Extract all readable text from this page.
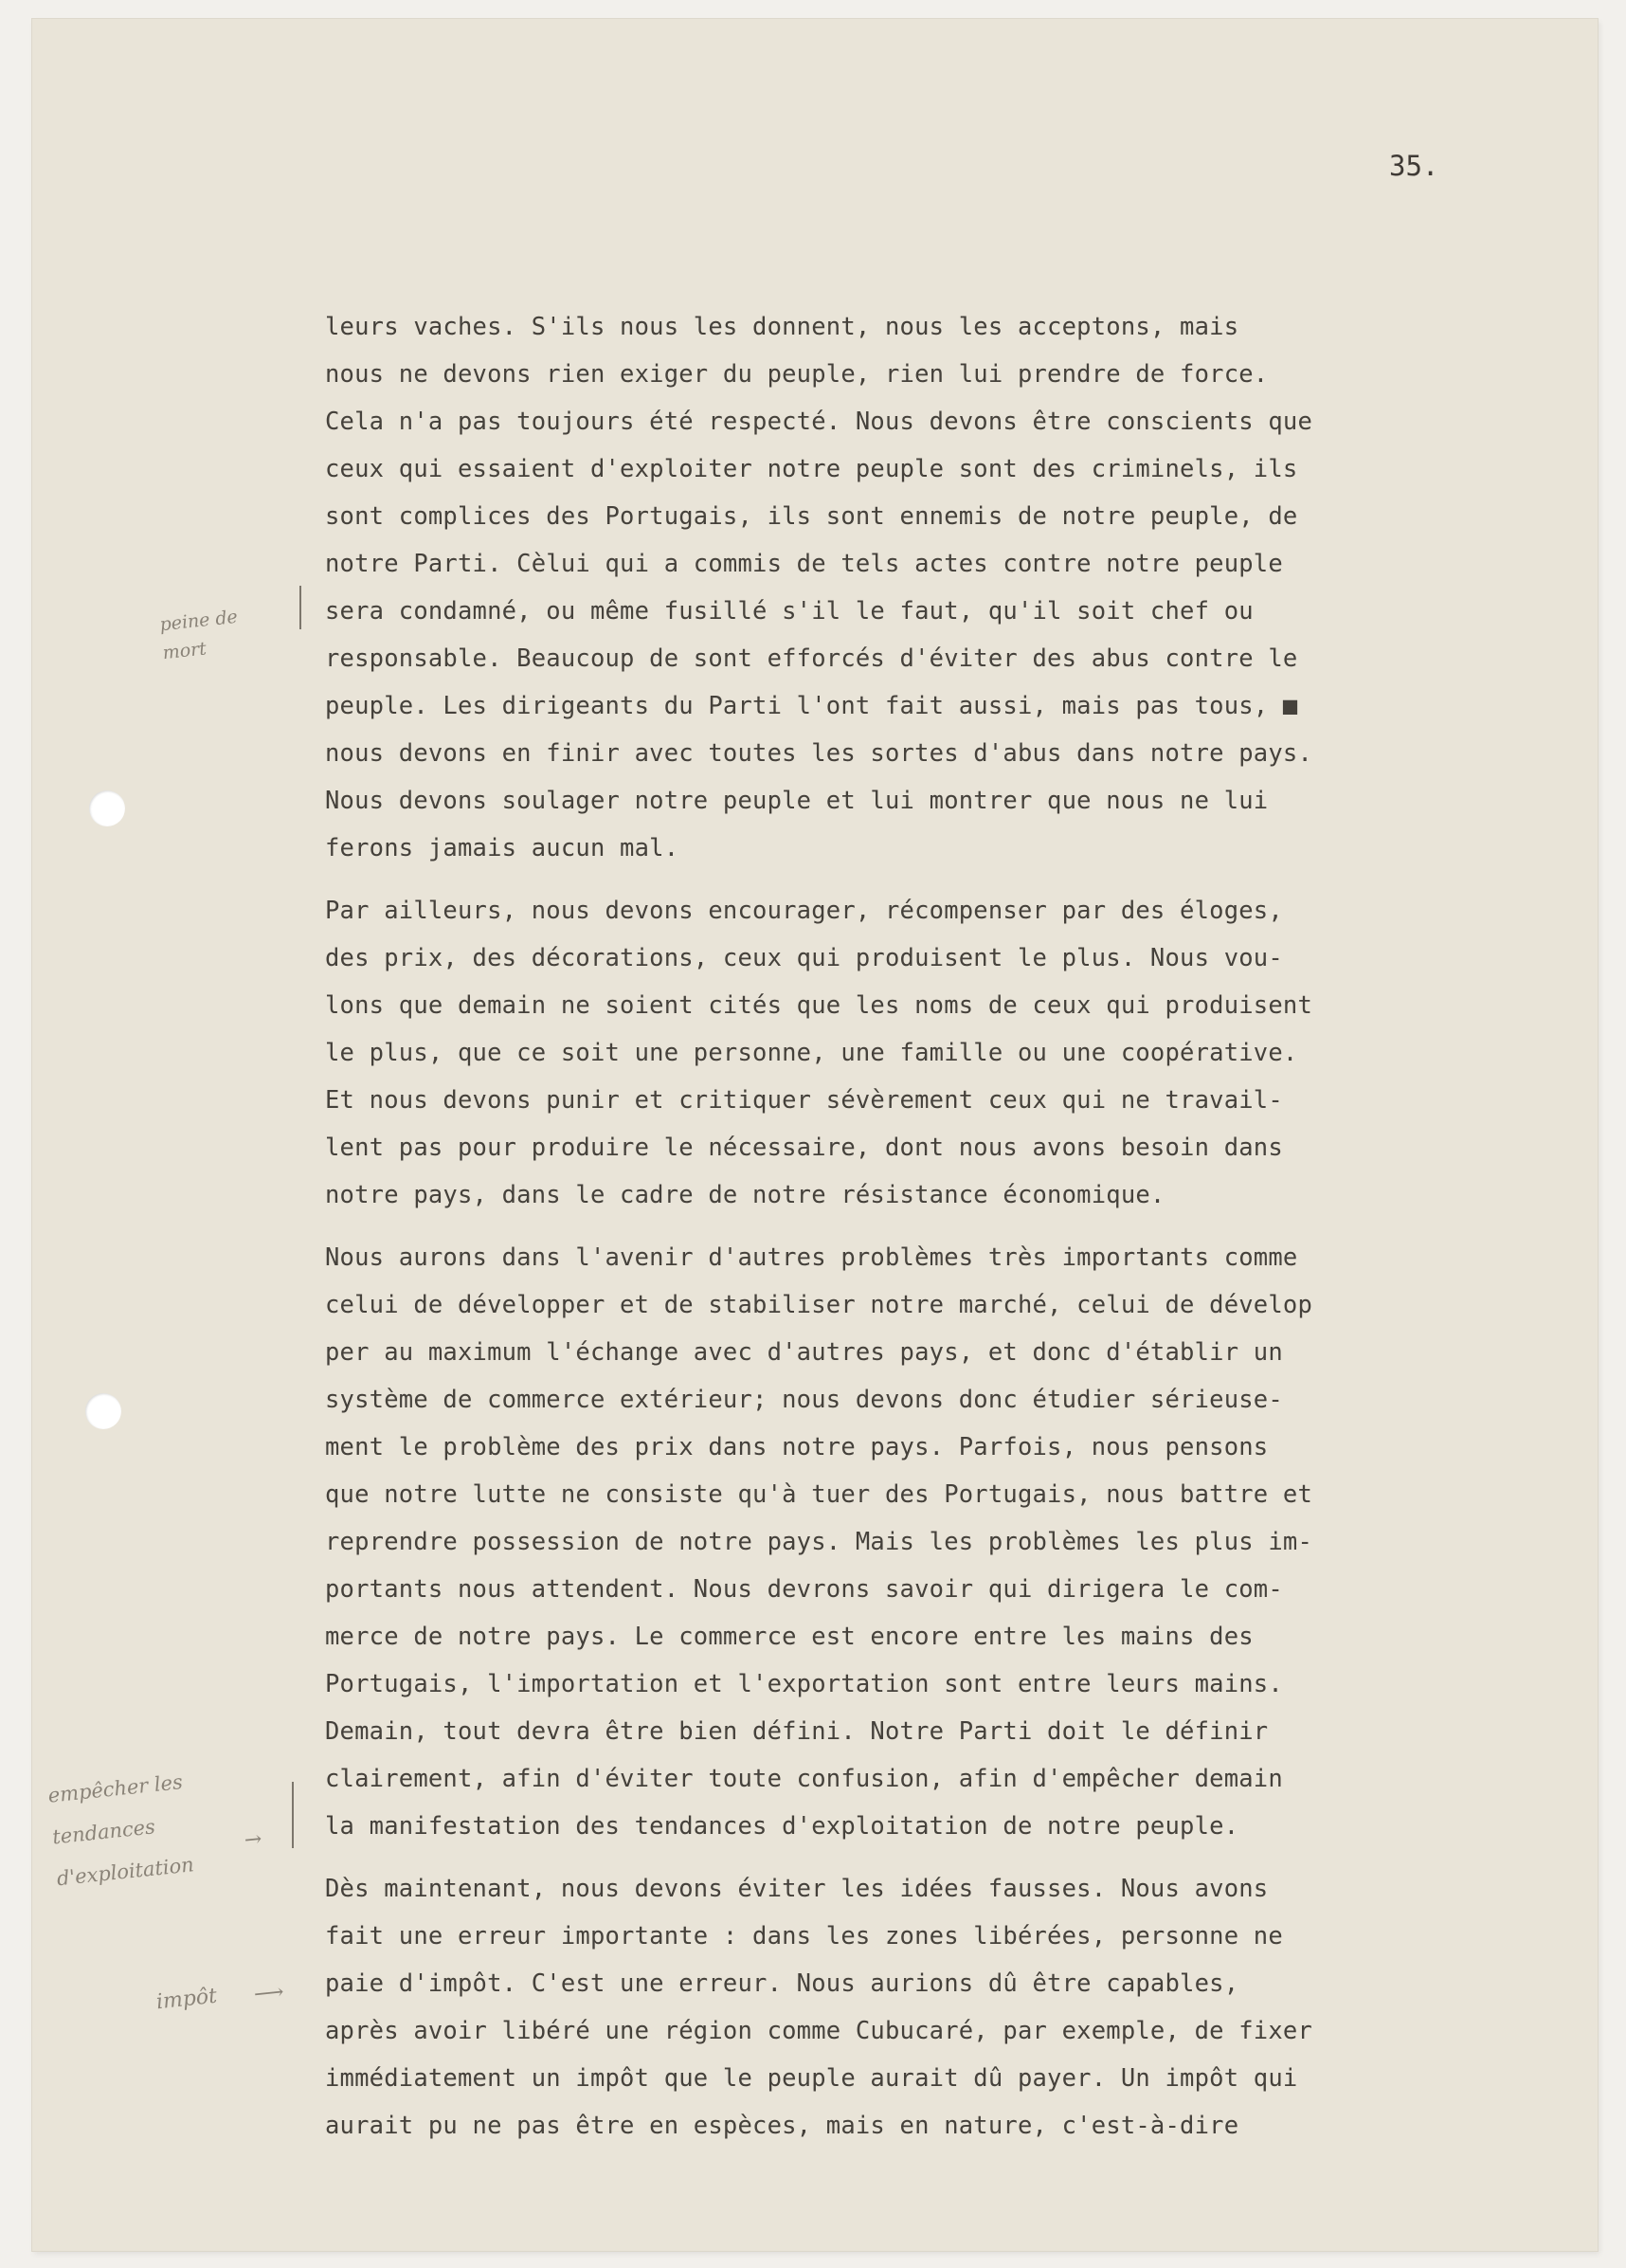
35.
peine de
mort
empêcher les
tendances
d'exploitation
→
impôt ⟶

leurs vaches. S'ils nous les donnent, nous les acceptons, mais
nous ne devons rien exiger du peuple, rien lui prendre de force.
Cela n'a pas toujours été respecté. Nous devons être conscients que
ceux qui essaient d'exploiter notre peuple sont des criminels, ils
sont complices des Portugais, ils sont ennemis de notre peuple, de
notre Parti. Cèlui qui a commis de tels actes contre notre peuple
sera condamné, ou même fusillé s'il le faut, qu'il soit chef ou
responsable. Beaucoup de sont efforcés d'éviter des abus contre le
peuple. Les dirigeants du Parti l'ont fait aussi, mais pas tous, ■
nous devons en finir avec toutes les sortes d'abus dans notre pays.
Nous devons soulager notre peuple et lui montrer que nous ne lui
ferons jamais aucun mal.

Par ailleurs, nous devons encourager, récompenser par des éloges,
des prix, des décorations, ceux qui produisent le plus. Nous vou-
lons que demain ne soient cités que les noms de ceux qui produisent
le plus, que ce soit une personne, une famille ou une coopérative.
Et nous devons punir et critiquer sévèrement ceux qui ne travail-
lent pas pour produire le nécessaire, dont nous avons besoin dans
notre pays, dans le cadre de notre résistance économique.

Nous aurons dans l'avenir d'autres problèmes très importants comme
celui de développer et de stabiliser notre marché, celui de dévelop
per au maximum l'échange avec d'autres pays, et donc d'établir un
système de commerce extérieur; nous devons donc étudier sérieuse-
ment le problème des prix dans notre pays. Parfois, nous pensons
que notre lutte ne consiste qu'à tuer des Portugais, nous battre et
reprendre possession de notre pays. Mais les problèmes les plus im-
portants nous attendent. Nous devrons savoir qui dirigera le com-
merce de notre pays. Le commerce est encore entre les mains des
Portugais, l'importation et l'exportation sont entre leurs mains.
Demain, tout devra être bien défini. Notre Parti doit le définir
clairement, afin d'éviter toute confusion, afin d'empêcher demain
la manifestation des tendances d'exploitation de notre peuple.

Dès maintenant, nous devons éviter les idées fausses. Nous avons
fait une erreur importante : dans les zones libérées, personne ne
paie d'impôt. C'est une erreur. Nous aurions dû être capables,
après avoir libéré une région comme Cubucaré, par exemple, de fixer
immédiatement un impôt que le peuple aurait dû payer. Un impôt qui
aurait pu ne pas être en espèces, mais en nature, c'est-à-dire
